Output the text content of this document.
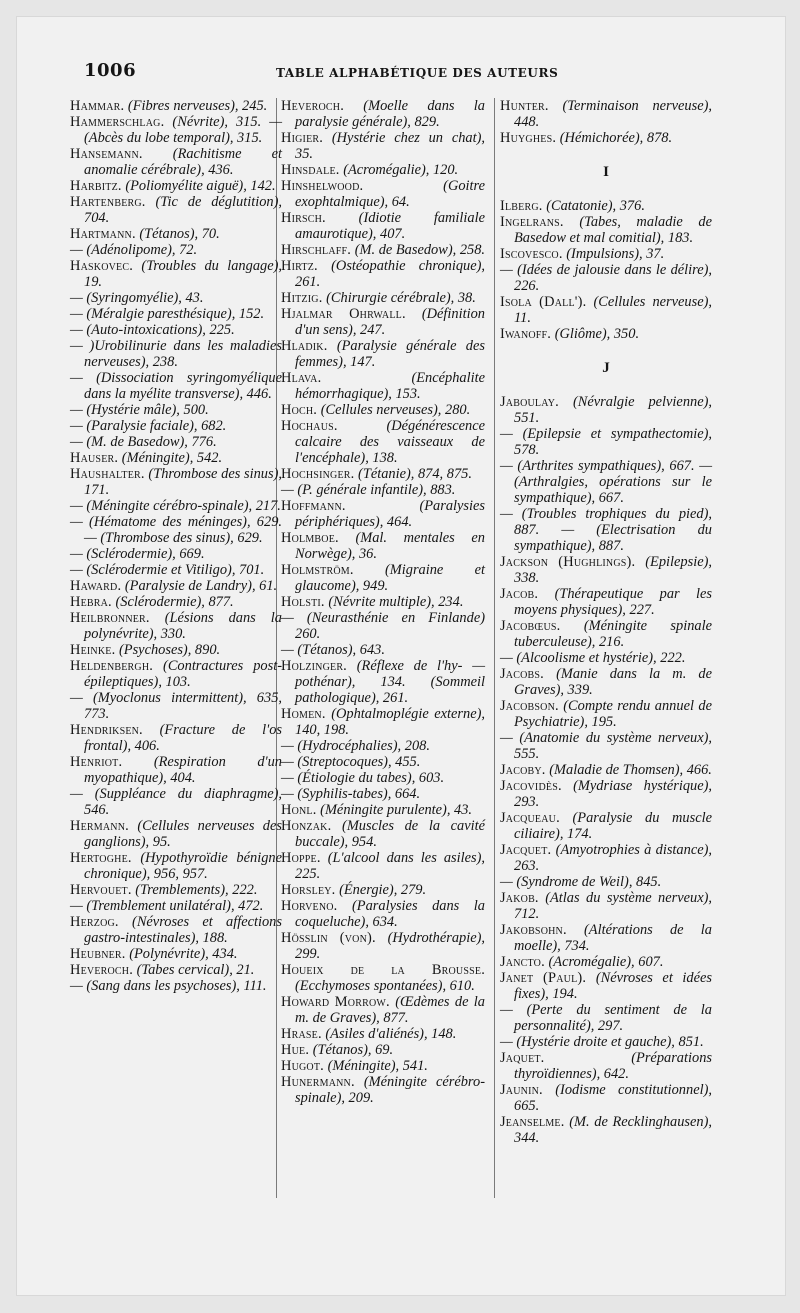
1006	TABLE ALPHABÉTIQUE DES AUTEURS

Hammar. (Fibres nerveuses), 245.

Hammerschlag. (Névrite), 315. — (Abcès du lobe temporal), 315.

Hansemann. (Rachitisme et anomalie cérébrale), 436.

Harbitz. (Poliomyélite aiguë), 142.

Hartenberg. (Tic de déglutition), 704.

Hartmann. (Tétanos), 70.

— (Adénolipome), 72.

Haskovec. (Troubles du langage), 19.

— (Syringomyélie), 43.

— (Méralgie paresthésique), 152.

— (Auto-intoxications), 225.

— )Urobilinurie dans les maladies nerveuses), 238.

— (Dissociation syringomyélique dans la myélite transverse), 446.

— (Hystérie mâle), 500.

— (Paralysie faciale), 682.

— (M. de Basedow), 776.

Hauser. (Méningite), 542.

Haushalter. (Thrombose des sinus), 171.

— (Méningite cérébro-spinale), 217.

— (Hématome des méninges), 629. — (Thrombose des sinus), 629.

— (Sclérodermie), 669.

— (Sclérodermie et Vitiligo), 701.

Haward. (Paralysie de Landry), 61.

Hebra. (Sclérodermie), 877.

Heilbronner. (Lésions dans la polynévrite), 330.

Heinke. (Psychoses), 890.

Heldenbergh. (Contractures post-épileptiques), 103.

— (Myoclonus intermittent), 635, 773.

Hendriksen. (Fracture de l'os frontal), 406.

Henriot. (Respiration d'un myopathique), 404.

— (Suppléance du diaphragme), 546.

Hermann. (Cellules nerveuses des ganglions), 95.

Hertoghe. (Hypothyroïdie bénigne chronique), 956, 957.

Hervouet. (Tremblements), 222.

— (Tremblement unilatéral), 472.

Herzog. (Névroses et affections gastro-intestinales), 188.

Heubner. (Polynévrite), 434.

Heveroch. (Tabes cervical), 21.

— (Sang dans les psychoses), 111.

Heveroch. (Moelle dans la paralysie générale), 829.

Higier. (Hystérie chez un chat), 35.

Hinsdale. (Acromégalie), 120.

Hinshelwood.	(Goitre exophtalmique), 64.

Hirsch. (Idiotie familiale amaurotique), 407.

Hirschlaff. (M. de Basedow), 258.

Hirtz. (Ostéopathie chronique), 261.

Hitzig. (Chirurgie cérébrale), 38.

Hjalmar Ohrwall. (Définition d'un sens), 247.

Hladik. (Paralysie générale des femmes), 147.

Hlava.	(Encéphalite hémorrhagique), 153.

Hoch. (Cellules nerveuses), 280.

Hochaus.	(Dégénérescence calcaire des vaisseaux de l'encéphale), 138.

Hochsinger. (Tétanie), 874, 875.

— (P. générale infantile), 883.

Hoffmann.	(Paralysies périphériques), 464.

Holmboe. (Mal. mentales en Norwège), 36.

Holmström. (Migraine et glaucome), 949.

Holsti. (Névrite multiple), 234.

— (Neurasthénie en Finlande) 260.

— (Tétanos), 643.

Holzinger. (Réflexe de l'hy- — pothénar), 134. (Sommeil pathologique), 261.

Homen. (Ophtalmoplégie externe), 140, 198.

— (Hydrocéphalies), 208.

— (Streptocoques), 455.

— (Étiologie du tabes), 603.

— (Syphilis-tabes), 664.

Honl. (Méningite purulente), 43.

Honzak. (Muscles de la cavité buccale), 954.

Hoppe. (L'alcool dans les asiles), 225.

Horsley. (Énergie), 279.

Horveno. (Paralysies dans la coqueluche), 634.

Hösslin (von). (Hydrothérapie), 299.

Houeix de la Brousse. (Ecchymoses spontanées), 610.

Howard Morrow. (Œdèmes de la m. de Graves), 877.

Hrase. (Asiles d'aliénés), 148.

Hue. (Tétanos), 69.

Hugot. (Méningite), 541.

Hunermann. (Méningite cérébro-spinale), 209.

Hunter. (Terminaison nerveuse), 448.

Huyghes. (Hémichorée), 878.

I

Ilberg. (Catatonie), 376.

Ingelrans. (Tabes, maladie de Basedow et mal comitial), 183.

Iscovesco. (Impulsions), 37.

— (Idées de jalousie dans le délire), 226.

Isola (Dall'). (Cellules nerveuse), 11.

Iwanoff. (Gliôme), 350.

J

Jaboulay. (Névralgie pelvienne), 551.

— (Epilepsie et sympathectomie), 578.

— (Arthrites sympathiques), 667. — (Arthralgies, opérations sur le sympathique), 667.

— (Troubles trophiques du pied), 887. — (Electrisation du sympathique), 887.

Jackson (Hughlings). (Epilepsie), 338.

Jacob. (Thérapeutique par les moyens physiques), 227.

Jacobœus. (Méningite spinale tuberculeuse), 216.

— (Alcoolisme et hystérie), 222.

Jacobs. (Manie dans la m. de Graves), 339.

Jacobson. (Compte rendu annuel de Psychiatrie), 195.

— (Anatomie du système nerveux), 555.

Jacoby. (Maladie de Thomsen), 466.

Jacovidès. (Mydriase hystérique), 293.

Jacqueau. (Paralysie du muscle ciliaire), 174.

Jacquet. (Amyotrophies à distance), 263.

— (Syndrome de Weil), 845.

Jakob. (Atlas du système nerveux), 712.

Jakobsohn. (Altérations de la moelle), 734.

Jancto. (Acromégalie), 607.

Janet (Paul). (Névroses et idées fixes), 194.

— (Perte du sentiment de la personnalité), 297.

— (Hystérie droite et gauche), 851.

Jaquet.	(Préparations thyroïdiennes), 642.

Jaunin. (Iodisme constitutionnel), 665.

Jeanselme. (M. de Recklinghausen), 344.
